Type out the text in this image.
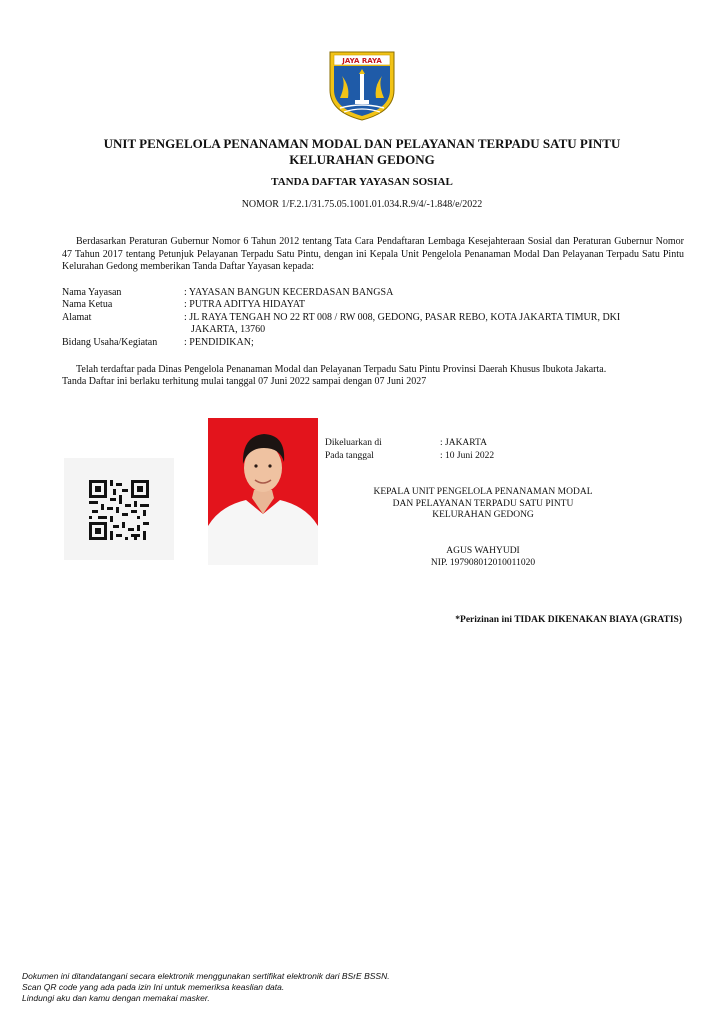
JAYA RAYA
UNIT PENGELOLA PENANAMAN MODAL DAN PELAYANAN TERPADU SATU PINTU
KELURAHAN GEDONG
TANDA DAFTAR YAYASAN SOSIAL
NOMOR 1/F.2.1/31.75.05.1001.01.034.R.9/4/-1.848/e/2022
Berdasarkan Peraturan Gubernur Nomor 6 Tahun 2012 tentang Tata Cara Pendaftaran Lembaga Kesejahteraan Sosial dan Peraturan Gubernur Nomor 47 Tahun 2017 tentang Petunjuk Pelayanan Terpadu Satu Pintu, dengan ini Kepala Unit Pengelola Penanaman Modal Dan Pelayanan Terpadu Satu Pintu Kelurahan Gedong memberikan Tanda Daftar Yayasan kepada:
Nama Yayasan	: YAYASAN BANGUN KECERDASAN BANGSA
Nama Ketua	: PUTRA ADITYA HIDAYAT
Alamat	: JL RAYA TENGAH NO 22 RT 008 / RW 008, GEDONG, PASAR REBO, KOTA JAKARTA TIMUR, DKI
JAKARTA, 13760
Bidang Usaha/Kegiatan	: PENDIDIKAN;
Telah terdaftar pada Dinas Pengelola Penanaman Modal dan Pelayanan Terpadu Satu Pintu Provinsi Daerah Khusus Ibukota Jakarta.
Tanda Daftar ini berlaku terhitung mulai tanggal 07 Juni 2022 sampai dengan 07 Juni 2027
Dikeluarkan di	: JAKARTA
Pada tanggal	: 10 Juni 2022
KEPALA UNIT PENGELOLA PENANAMAN MODAL
DAN PELAYANAN TERPADU SATU PINTU
KELURAHAN GEDONG
AGUS WAHYUDI
NIP. 197908012010011020
*Perizinan ini TIDAK DIKENAKAN BIAYA (GRATIS)
Dokumen ini ditandatangani secara elektronik menggunakan sertifikat elektronik dari BSrE BSSN.
Scan QR code yang ada pada izin Ini untuk memeriksa keaslian data.
Lindungi aku dan kamu dengan memakai masker.
